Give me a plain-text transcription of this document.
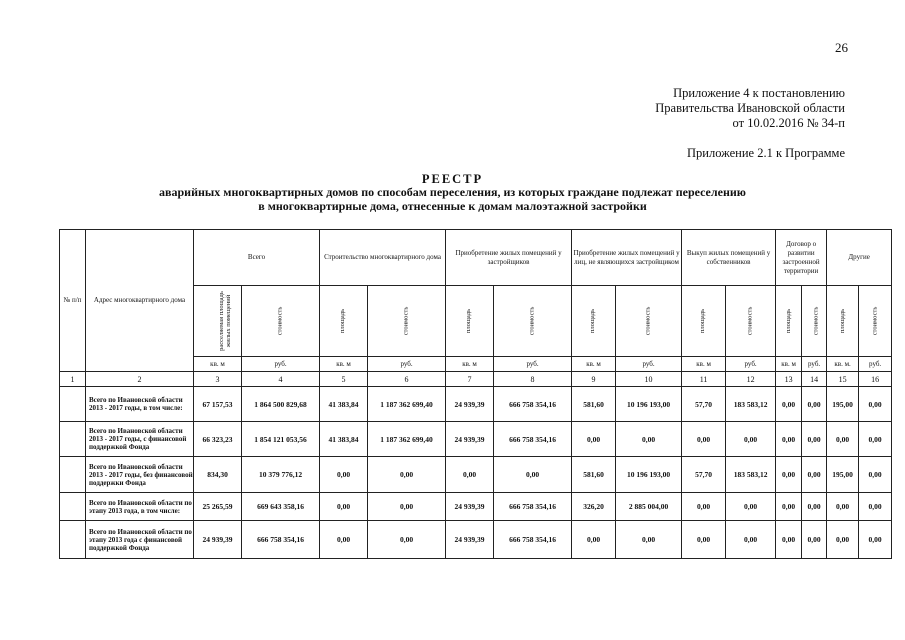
26
Приложение 4 к постановлению
Правительства Ивановской области
от 10.02.2016 № 34-п
Приложение 2.1 к Программе
РЕЕСТР
аварийных многоквартирных домов по способам переселения, из которых граждане подлежат переселению
в многоквартирные дома, отнесенные к домам малоэтажной застройки
№ п/п	Адрес многоквартирного дома	Всего		Строительство многоквартирного дома		Приобретение жилых помещений у застройщиков		Приобретение жилых помещений у лиц, не являющихся застройщиком		Выкуп жилых помещений у собственников		Договор о развитии застроенной территории		Другие	
		расселяемая площадь жилых помещений	стоимость	площадь	стоимость	площадь	стоимость	площадь	стоимость	площадь	стоимость	площадь	стоимость	площадь	стоимость
		кв. м	руб.	кв. м	руб.	кв. м	руб.	кв. м	руб.	кв. м	руб.	кв. м	руб.	кв. м.	руб.
1	2	3	4	5	6	7	8	9	10	11	12	13	14	15	16
	Всего по Ивановской области 2013 - 2017 годы, в том числе:	67 157,53	1 864 500 829,68	41 383,84	1 187 362 699,40	24 939,39	666 758 354,16	581,60	10 196 193,00	57,70	183 583,12	0,00	0,00	195,00	0,00
	Всего по Ивановской области 2013 - 2017 годы, с финансовой поддержкой Фонда	66 323,23	1 854 121 053,56	41 383,84	1 187 362 699,40	24 939,39	666 758 354,16	0,00	0,00	0,00	0,00	0,00	0,00	0,00	0,00
	Всего по Ивановской области 2013 - 2017 годы, без финансовой поддержки Фонда	834,30	10 379 776,12	0,00	0,00	0,00	0,00	581,60	10 196 193,00	57,70	183 583,12	0,00	0,00	195,00	0,00
	Всего по Ивановской области по этапу 2013 года, в том числе:	25 265,59	669 643 358,16	0,00	0,00	24 939,39	666 758 354,16	326,20	2 885 004,00	0,00	0,00	0,00	0,00	0,00	0,00
	Всего по Ивановской области по этапу 2013 года с финансовой поддержкой Фонда	24 939,39	666 758 354,16	0,00	0,00	24 939,39	666 758 354,16	0,00	0,00	0,00	0,00	0,00	0,00	0,00	0,00
